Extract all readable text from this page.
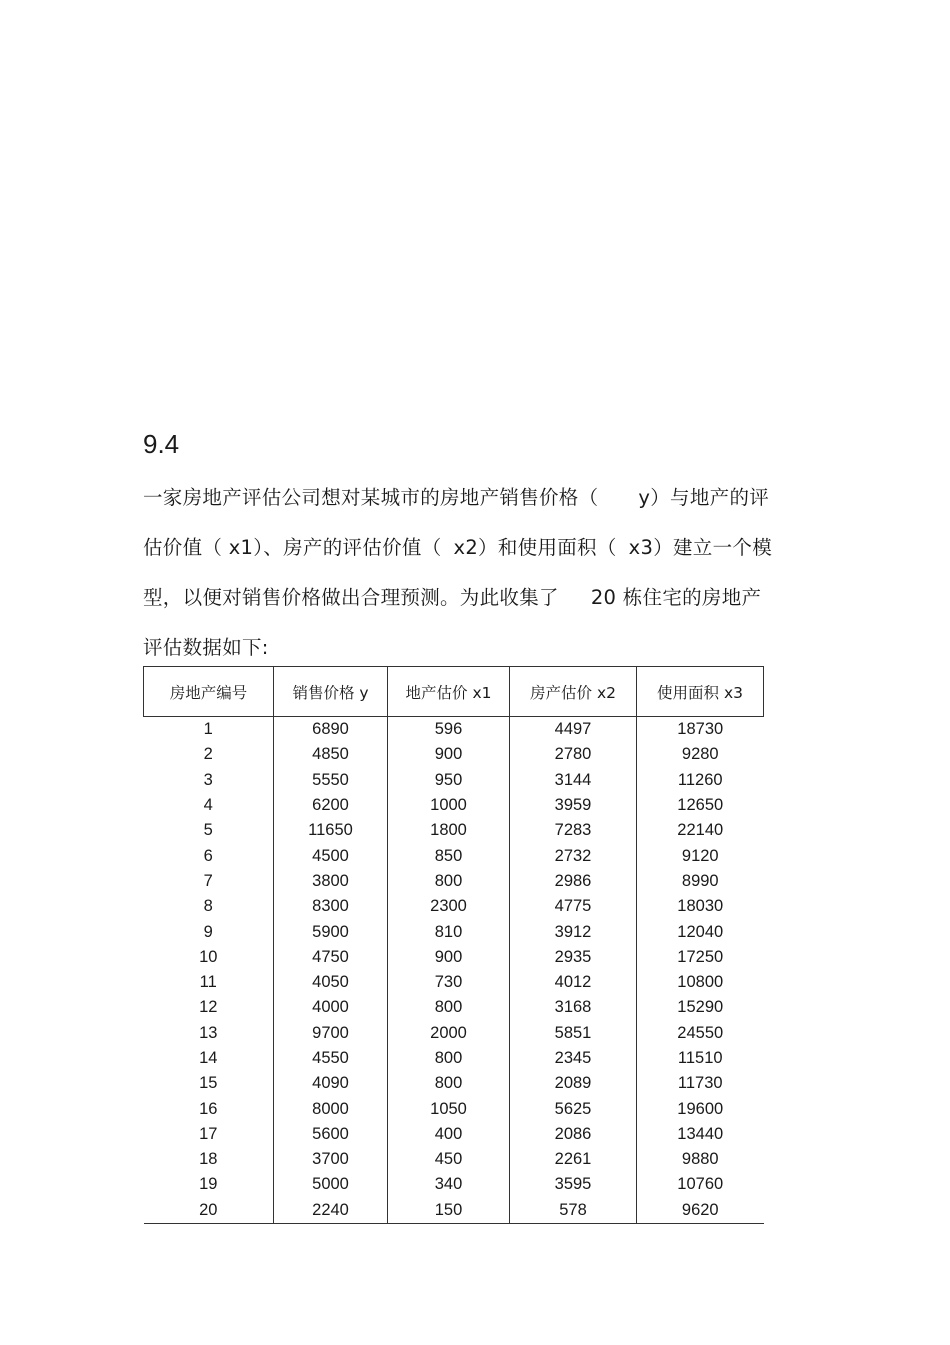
9.4

一家房地产评估公司想对某城市的房地产销售价格（ y）与地产的评

估价值（ x1）、房产的评估价值（ x2）和使用面积（ x3）建立一个模

型，以便对销售价格做出合理预测。为此收集了 20 栋住宅的房地产

评估数据如下:

房地产编号	销售价格 y	地产估价 x1	房产估价 x2	使用面积 x3
1	6890	596	4497	18730
2	4850	900	2780	9280
3	5550	950	3144	11260
4	6200	1000	3959	12650
5	11650	1800	7283	22140
6	4500	850	2732	9120
7	3800	800	2986	8990
8	8300	2300	4775	18030
9	5900	810	3912	12040
10	4750	900	2935	17250
11	4050	730	4012	10800
12	4000	800	3168	15290
13	9700	2000	5851	24550
14	4550	800	2345	11510
15	4090	800	2089	11730
16	8000	1050	5625	19600
17	5600	400	2086	13440
18	3700	450	2261	9880
19	5000	340	3595	10760
20	2240	150	578	9620
